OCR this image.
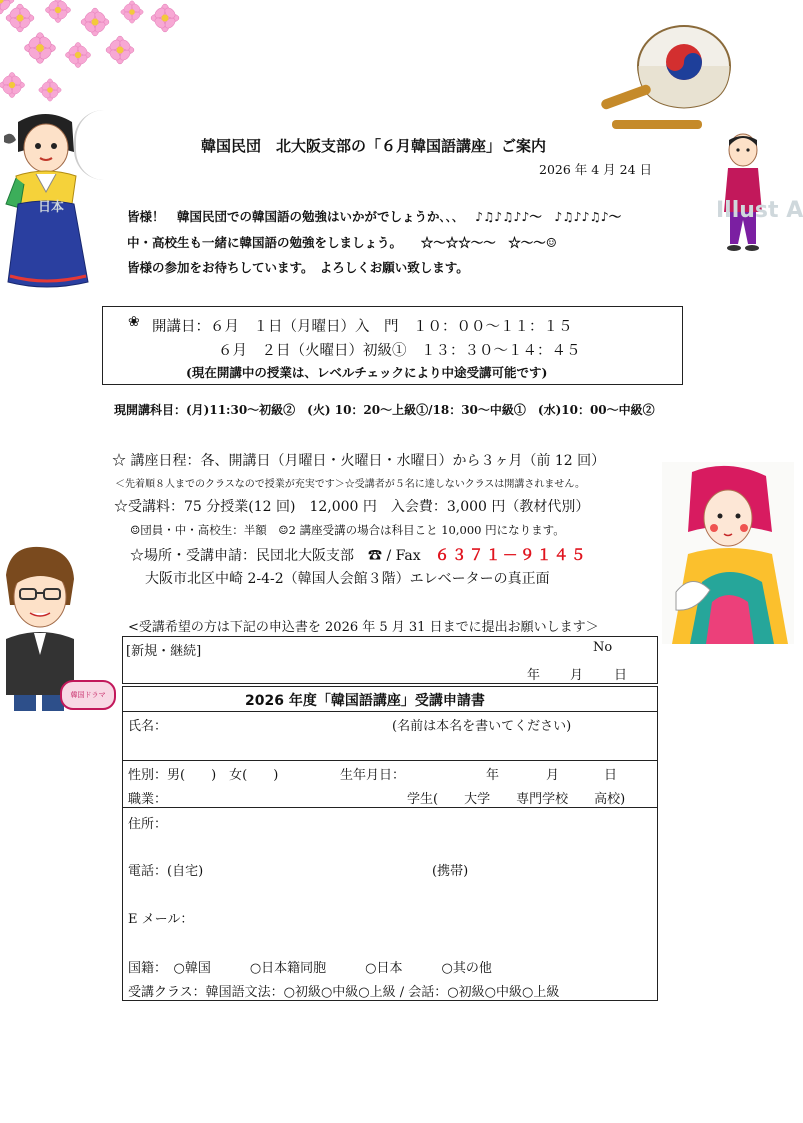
Illust A
韓国ドラマ
日本
韓国民団　北大阪支部の「６月韓国語講座」ご案内
2026 年 4 月 24 日
皆様！　韓国民団での韓国語の勉強はいかがでしょうか､､､　 ♪♫♪♫♪♪～　♪♫♪♪♫♪～
中・高校生も一緒に韓国語の勉強をしましょう。　　☆～☆☆～～　☆～～☺
皆様の参加をお待ちしています。　よろしくお願い致します。
❀ 開講日：６月　１日（月曜日）入　門　１０：００～１１：１５
６月　２日（火曜日）初級①　１３：３０～１４：４５
(現在開講中の授業は、レベルチェックにより中途受講可能です)
現開講科目：(月)11:30～初級②　(火) 10：20～上級①/18：30～中級①　(水)10：00～中級②
☆ 講座日程：各、開講日（月曜日・火曜日・水曜日）から３ヶ月（前 12 回）
＜先着順８人までのクラスなので授業が充実です＞☆受講者が５名に達しないクラスは開講されません。
☆受講料：75 分授業(12 回)　12,000 円　入会費：3,000 円（教材代別）
☺団員・中・高校生：半額　☺2 講座受講の場合は科目こと 10,000 円になります。
☆場所・受講申請：民団北大阪支部　☎ / Fax　６３７１－９１４５
大阪市北区中崎 2-4-2（韓国人会館３階）エレベーターの真正面
<受講希望の方は下記の申込書を 2026 年 5 月 31 日までに提出お願いします＞
[新規・継続]	No
年 月 日
2026 年度「韓国語講座」受講申請書
氏名：	(名前は本名を書いてください)
性別：男(　　)　女(　　)	生年月日：	年	月	日
職業：	学生(　　大学　　専門学校　　高校)
住所：
電話：(自宅)	(携帯)
E メール：
国籍：　○韓国　　　○日本籍同胞　　　○日本　　　○其の他
受講クラス：韓国語文法：○初級○中級○上級 / 会話：○初級○中級○上級
